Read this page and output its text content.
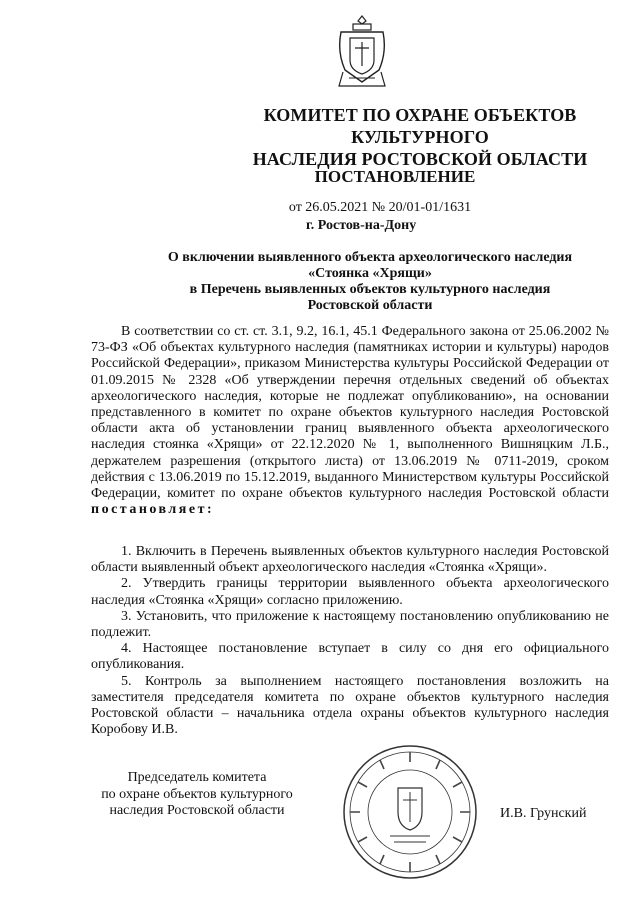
КОМИТЕТ ПО ОХРАНЕ ОБЪЕКТОВ КУЛЬТУРНОГО
НАСЛЕДИЯ РОСТОВСКОЙ ОБЛАСТИ
ПОСТАНОВЛЕНИЕ
от 26.05.2021 № 20/01-01/1631
г. Ростов-на-Дону
О включении выявленного объекта археологического наследия
«Стоянка «Хрящи»
в Перечень выявленных объектов культурного наследия
Ростовской области
В соответствии со ст. ст. 3.1, 9.2, 16.1, 45.1 Федерального закона от 25.06.2002 № 73-ФЗ «Об объектах культурного наследия (памятниках истории и культуры) народов Российской Федерации», приказом Министерства культуры Российской Федерации от 01.09.2015 № 2328 «Об утверждении перечня отдельных сведений об объектах археологического наследия, которые не подлежат опубликованию», на основании представленного в комитет по охране объектов культурного наследия Ростовской области акта об установлении границ выявленного объекта археологического наследия стоянка «Хрящи» от 22.12.2020 № 1, выполненного Вишняцким Л.Б., держателем разрешения (открытого листа) от 13.06.2019 № 0711-2019, сроком действия с 13.06.2019 по 15.12.2019, выданного Министерством культуры Российской Федерации, комитет по охране объектов культурного наследия Ростовской области постановляет:

1. Включить в Перечень выявленных объектов культурного наследия Ростовской области выявленный объект археологического наследия «Стоянка «Хрящи».

2. Утвердить границы территории выявленного объекта археологического наследия «Стоянка «Хрящи» согласно приложению.

3. Установить, что приложение к настоящему постановлению опубликованию не подлежит.

4. Настоящее постановление вступает в силу со дня его официального опубликования.

5. Контроль за выполнением настоящего постановления возложить на заместителя председателя комитета по охране объектов культурного наследия Ростовской области – начальника отдела охраны объектов культурного наследия Коробову И.В.

Председатель комитета
по охране объектов культурного
наследия Ростовской области	И.В. Грунский
